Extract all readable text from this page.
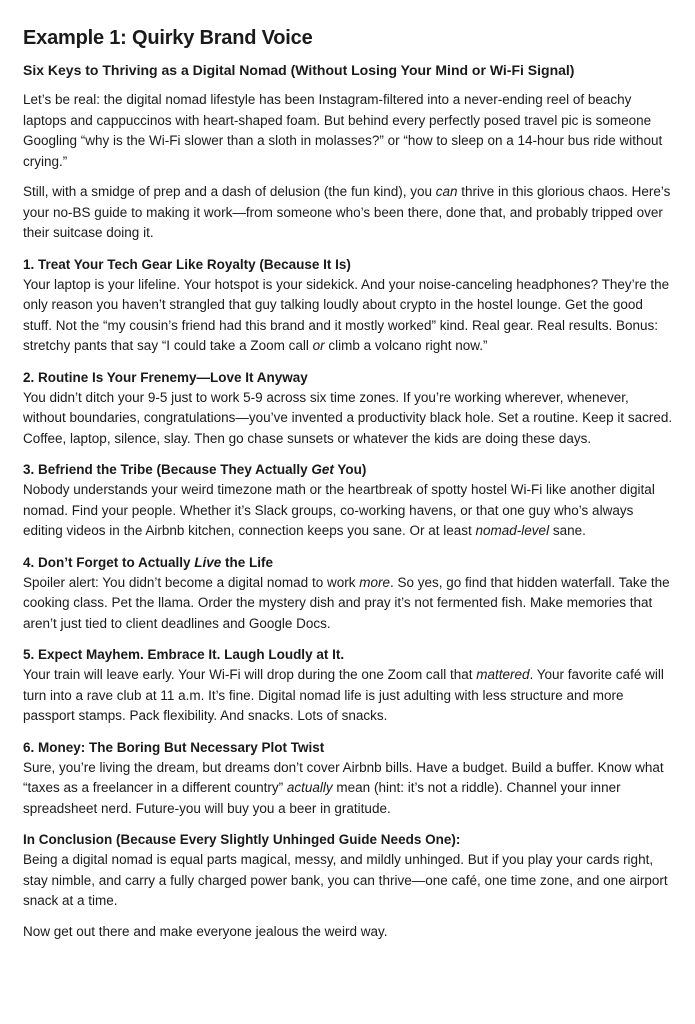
Example 1: Quirky Brand Voice
Six Keys to Thriving as a Digital Nomad (Without Losing Your Mind or Wi-Fi Signal)

Let’s be real: the digital nomad lifestyle has been Instagram-filtered into a never-ending reel of beachy laptops and cappuccinos with heart-shaped foam. But behind every perfectly posed travel pic is someone Googling “why is the Wi-Fi slower than a sloth in molasses?” or “how to sleep on a 14-hour bus ride without crying.”

Still, with a smidge of prep and a dash of delusion (the fun kind), you can thrive in this glorious chaos. Here’s your no-BS guide to making it work—from someone who’s been there, done that, and probably tripped over their suitcase doing it.

1. Treat Your Tech Gear Like Royalty (Because It Is)
Your laptop is your lifeline. Your hotspot is your sidekick. And your noise-canceling headphones? They’re the only reason you haven’t strangled that guy talking loudly about crypto in the hostel lounge. Get the good stuff. Not the “my cousin’s friend had this brand and it mostly worked” kind. Real gear. Real results. Bonus: stretchy pants that say “I could take a Zoom call or climb a volcano right now.”
2. Routine Is Your Frenemy—Love It Anyway
You didn’t ditch your 9-5 just to work 5-9 across six time zones. If you’re working wherever, whenever, without boundaries, congratulations—you’ve invented a productivity black hole. Set a routine. Keep it sacred. Coffee, laptop, silence, slay. Then go chase sunsets or whatever the kids are doing these days.
3. Befriend the Tribe (Because They Actually Get You)
Nobody understands your weird timezone math or the heartbreak of spotty hostel Wi-Fi like another digital nomad. Find your people. Whether it’s Slack groups, co-working havens, or that one guy who’s always editing videos in the Airbnb kitchen, connection keeps you sane. Or at least nomad-level sane.
4. Don’t Forget to Actually Live the Life
Spoiler alert: You didn’t become a digital nomad to work more. So yes, go find that hidden waterfall. Take the cooking class. Pet the llama. Order the mystery dish and pray it’s not fermented fish. Make memories that aren’t just tied to client deadlines and Google Docs.
5. Expect Mayhem. Embrace It. Laugh Loudly at It.
Your train will leave early. Your Wi-Fi will drop during the one Zoom call that mattered. Your favorite café will turn into a rave club at 11 a.m. It’s fine. Digital nomad life is just adulting with less structure and more passport stamps. Pack flexibility. And snacks. Lots of snacks.
6. Money: The Boring But Necessary Plot Twist
Sure, you’re living the dream, but dreams don’t cover Airbnb bills. Have a budget. Build a buffer. Know what “taxes as a freelancer in a different country” actually mean (hint: it’s not a riddle). Channel your inner spreadsheet nerd. Future-you will buy you a beer in gratitude.
In Conclusion (Because Every Slightly Unhinged Guide Needs One):
Being a digital nomad is equal parts magical, messy, and mildly unhinged. But if you play your cards right, stay nimble, and carry a fully charged power bank, you can thrive—one café, one time zone, and one airport snack at a time.

Now get out there and make everyone jealous the weird way.
